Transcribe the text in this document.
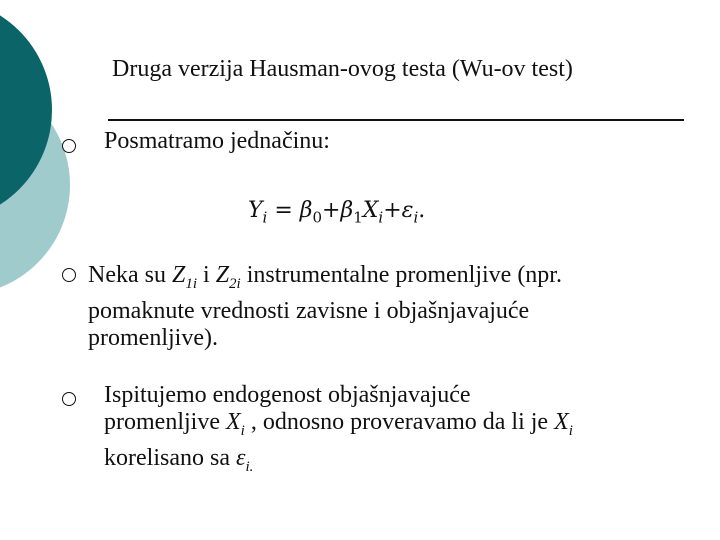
Druga verzija Hausman-ovog testa (Wu-ov test)
Posmatramo jednačinu:
$Y_i = \beta_0+\beta_1X_i+\varepsilon_i$.
Neka su $Z_{1i}$ i $Z_{2i}$ instrumentalne promenljive (npr.
pomaknute vrednosti zavisne i objašnjavajuće
promenljive).
Ispitujemo endogenost objašnjavajuće
promenljive $X_i$ , odnosno proveravamo da li je $X_i$
korelisano sa $\varepsilon_{i.}$
